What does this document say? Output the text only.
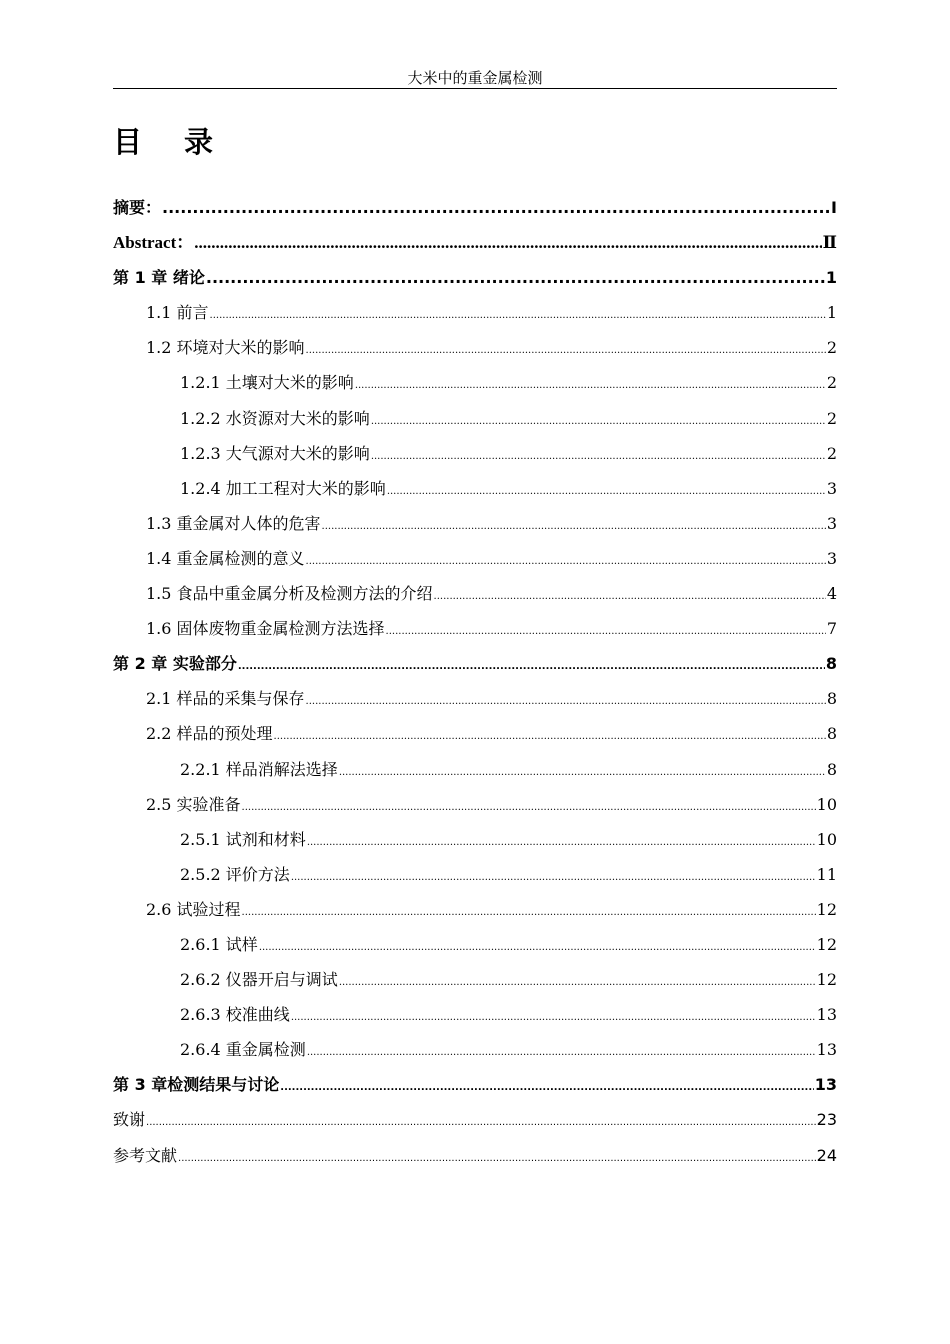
大米中的重金属检测
目 录
摘要： .....	I
Abstract： .....	Ⅱ
第 1 章 绪论 .....	1
1.1 前言 .....	1
1.2 环境对大米的影响 .....	2
1.2.1 土壤对大米的影响 .....	2
1.2.2 水资源对大米的影响 .....	2
1.2.3 大气源对大米的影响 .....	2
1.2.4 加工工程对大米的影响 .....	3
1.3 重金属对人体的危害 .....	3
1.4 重金属检测的意义 .....	3
1.5 食品中重金属分析及检测方法的介绍 .....	4
1.6 固体废物重金属检测方法选择 .....	7
第 2 章 实验部分 .....	8
2.1 样品的采集与保存 .....	8
2.2 样品的预处理 .....	8
2.2.1 样品消解法选择 .....	8
2.5 实验准备 .....	10
2.5.1 试剂和材料 .....	10
2.5.2 评价方法 .....	11
2.6 试验过程 .....	12
2.6.1 试样 .....	12
2.6.2 仪器开启与调试 .....	12
2.6.3 校准曲线 .....	13
2.6.4 重金属检测 .....	13
第 3 章检测结果与讨论 .....	13
致谢 .....	23
参考文献 .....	24
